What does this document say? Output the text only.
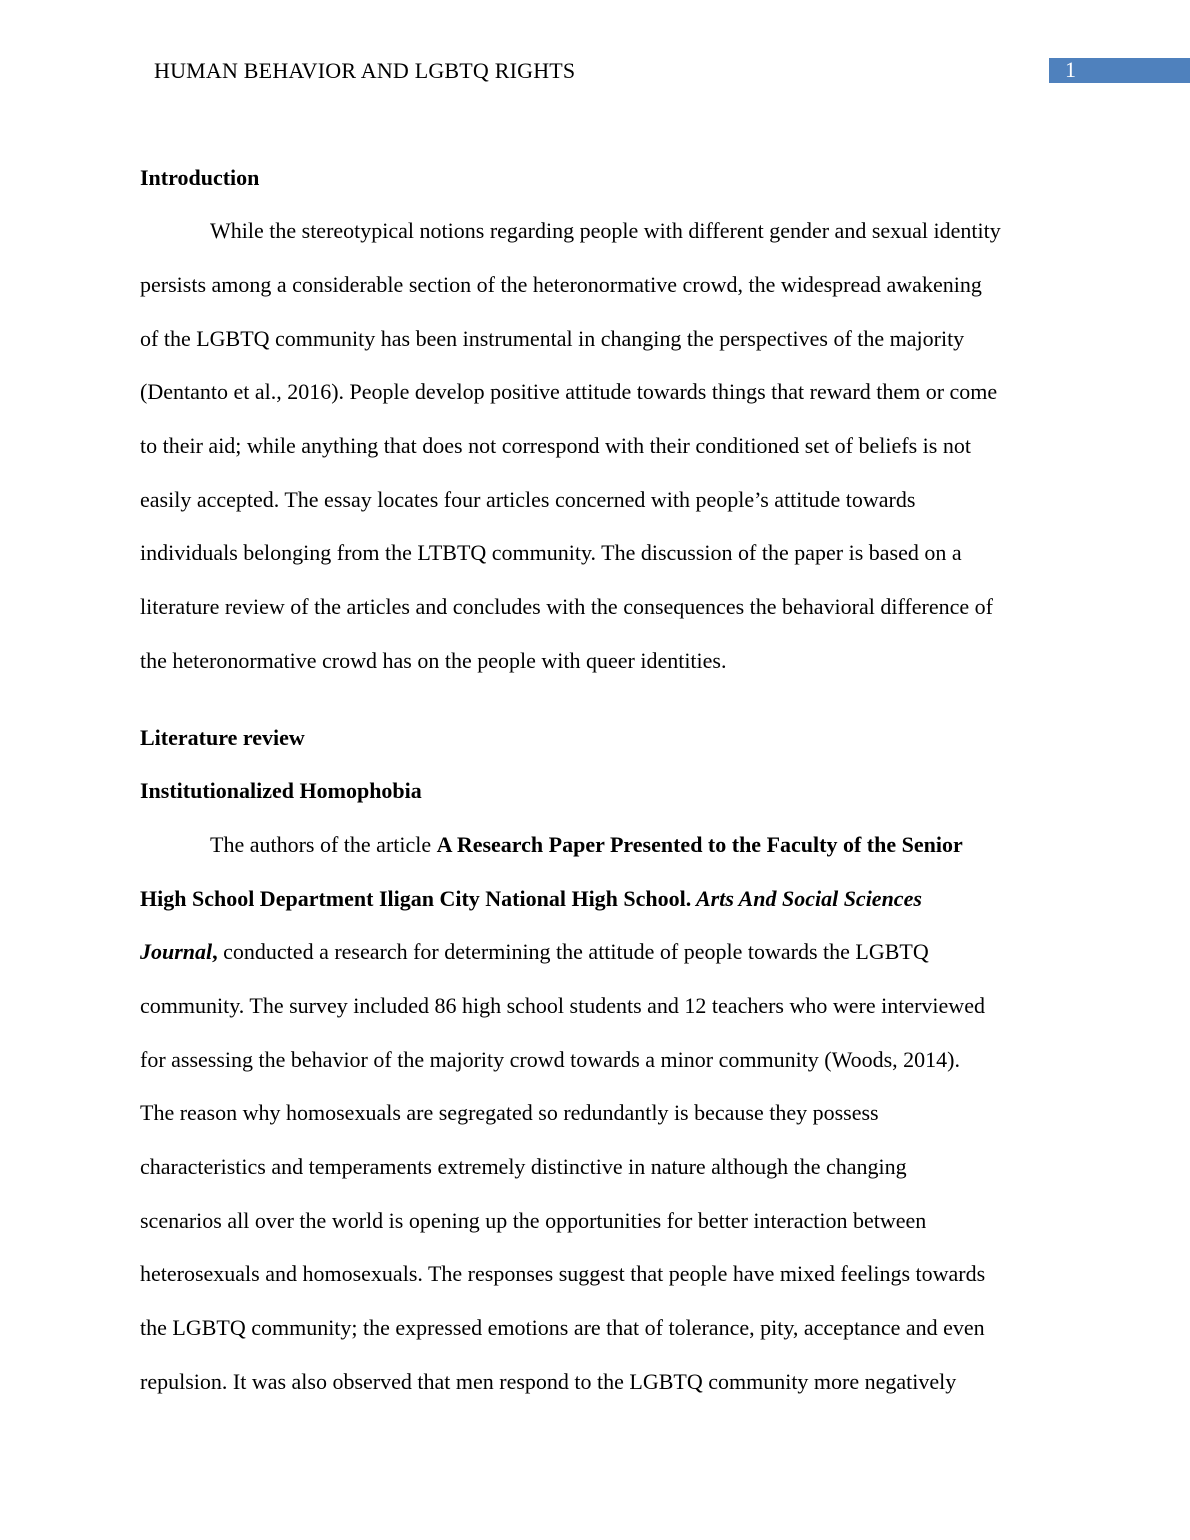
HUMAN BEHAVIOR AND LGBTQ RIGHTS	1
Introduction
While the stereotypical notions regarding people with different gender and sexual identity
persists among a considerable section of the heteronormative crowd, the widespread awakening
of the LGBTQ community has been instrumental in changing the perspectives of the majority
(Dentanto et al., 2016). People develop positive attitude towards things that reward them or come
to their aid; while anything that does not correspond with their conditioned set of beliefs is not
easily accepted. The essay locates four articles concerned with people’s attitude towards
individuals belonging from the LTBTQ community. The discussion of the paper is based on a
literature review of the articles and concludes with the consequences the behavioral difference of
the heteronormative crowd has on the people with queer identities.
Literature review
Institutionalized Homophobia
The authors of the article A Research Paper Presented to the Faculty of the Senior
High School Department Iligan City National High School. Arts And Social Sciences
Journal, conducted a research for determining the attitude of people towards the LGBTQ
community. The survey included 86 high school students and 12 teachers who were interviewed
for assessing the behavior of the majority crowd towards a minor community (Woods, 2014).
The reason why homosexuals are segregated so redundantly is because they possess
characteristics and temperaments extremely distinctive in nature although the changing
scenarios all over the world is opening up the opportunities for better interaction between
heterosexuals and homosexuals. The responses suggest that people have mixed feelings towards
the LGBTQ community; the expressed emotions are that of tolerance, pity, acceptance and even
repulsion. It was also observed that men respond to the LGBTQ community more negatively
